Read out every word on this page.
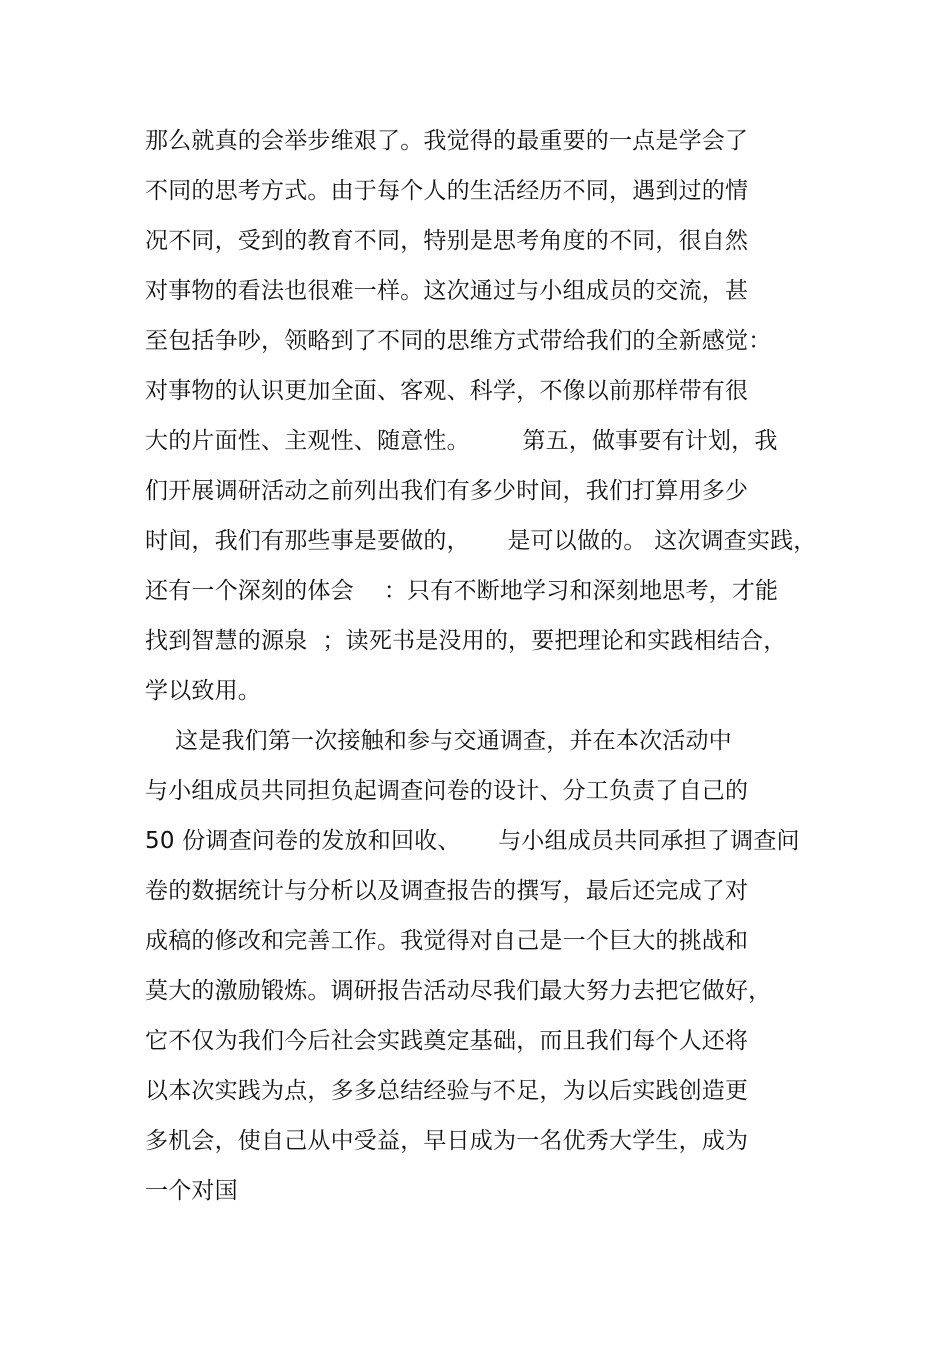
那么就真的会举步维艰了。我觉得的最重要的一点是学会了
不同的思考方式。由于每个人的生活经历不同，遇到过的情
况不同，受到的教育不同，特别是思考角度的不同，很自然
对事物的看法也很难一样。这次通过与小组成员的交流，甚
至包括争吵，领略到了不同的思维方式带给我们的全新感觉：
对事物的认识更加全面、客观、科学，不像以前那样带有很
大的片面性、主观性、随意性。       第五，做事要有计划，我
们开展调研活动之前列出我们有多少时间，我们打算用多少
时间，我们有那些事是要做的，     是可以做的。 这次调查实践，
还有一个深刻的体会    ：只有不断地学习和深刻地思考，才能
找到智慧的源泉  ；读死书是没用的，要把理论和实践相结合，
学以致用。
这是我们第一次接触和参与交通调查，并在本次活动中
与小组成员共同担负起调查问卷的设计、分工负责了自己的
50 份调查问卷的发放和回收、     与小组成员共同承担了调查问
卷的数据统计与分析以及调查报告的撰写，最后还完成了对
成稿的修改和完善工作。我觉得对自己是一个巨大的挑战和
莫大的激励锻炼。调研报告活动尽我们最大努力去把它做好，
它不仅为我们今后社会实践奠定基础，而且我们每个人还将
以本次实践为点，多多总结经验与不足，为以后实践创造更
多机会，使自己从中受益，早日成为一名优秀大学生，成为
一个对国
